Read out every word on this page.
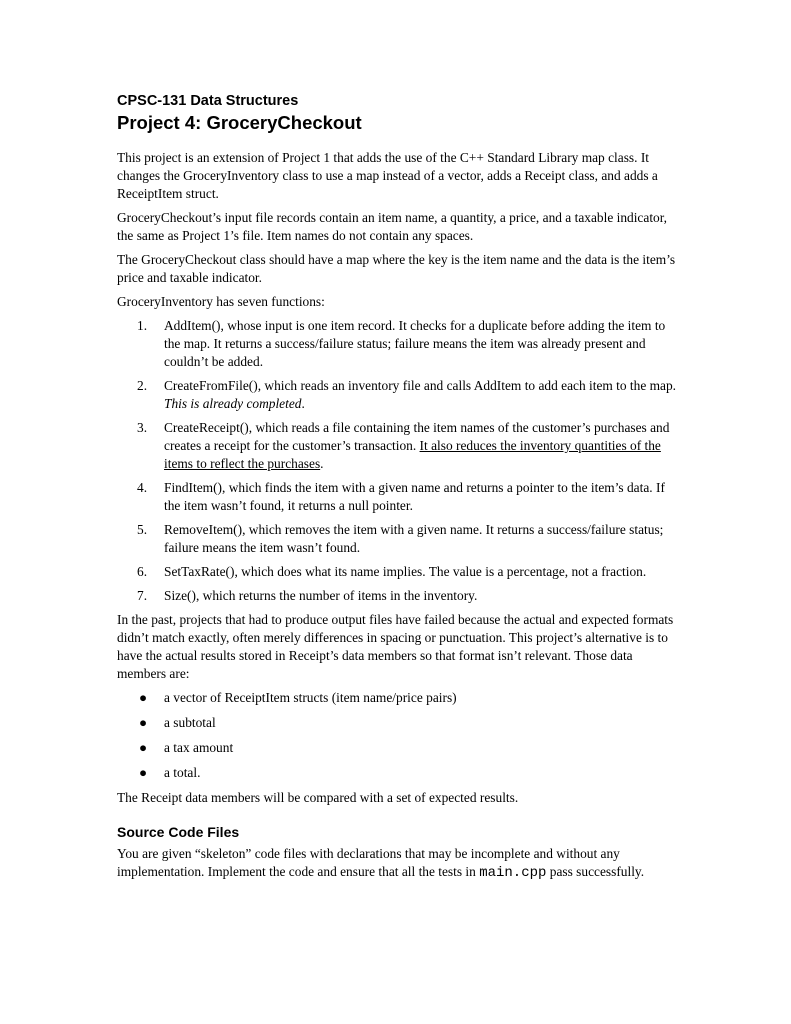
CPSC-131 Data Structures
Project 4: GroceryCheckout

This project is an extension of Project 1 that adds the use of the C++ Standard Library map class. It changes the GroceryInventory class to use a map instead of a vector, adds a Receipt class, and adds a ReceiptItem struct.

GroceryCheckout’s input file records contain an item name, a quantity, a price, and a taxable indicator, the same as Project 1’s file. Item names do not contain any spaces.

The GroceryCheckout class should have a map where the key is the item name and the data is the item’s price and taxable indicator.

GroceryInventory has seven functions:

1. AddItem(), whose input is one item record. It checks for a duplicate before adding the item to the map. It returns a success/failure status; failure means the item was already present and couldn’t be added.
2. CreateFromFile(), which reads an inventory file and calls AddItem to add each item to the map. This is already completed.
3. CreateReceipt(), which reads a file containing the item names of the customer’s purchases and creates a receipt for the customer’s transaction. It also reduces the inventory quantities of the items to reflect the purchases.
4. FindItem(), which finds the item with a given name and returns a pointer to the item’s data. If the item wasn’t found, it returns a null pointer.
5. RemoveItem(), which removes the item with a given name. It returns a success/failure status; failure means the item wasn’t found.
6. SetTaxRate(), which does what its name implies. The value is a percentage, not a fraction.
7. Size(), which returns the number of items in the inventory.

In the past, projects that had to produce output files have failed because the actual and expected formats didn’t match exactly, often merely differences in spacing or punctuation. This project’s alternative is to have the actual results stored in Receipt’s data members so that format isn’t relevant. Those data members are:

● a vector of ReceiptItem structs (item name/price pairs)
● a subtotal
● a tax amount
● a total.

The Receipt data members will be compared with a set of expected results.

Source Code Files

You are given “skeleton” code files with declarations that may be incomplete and without any implementation. Implement the code and ensure that all the tests in main.cpp pass successfully.
